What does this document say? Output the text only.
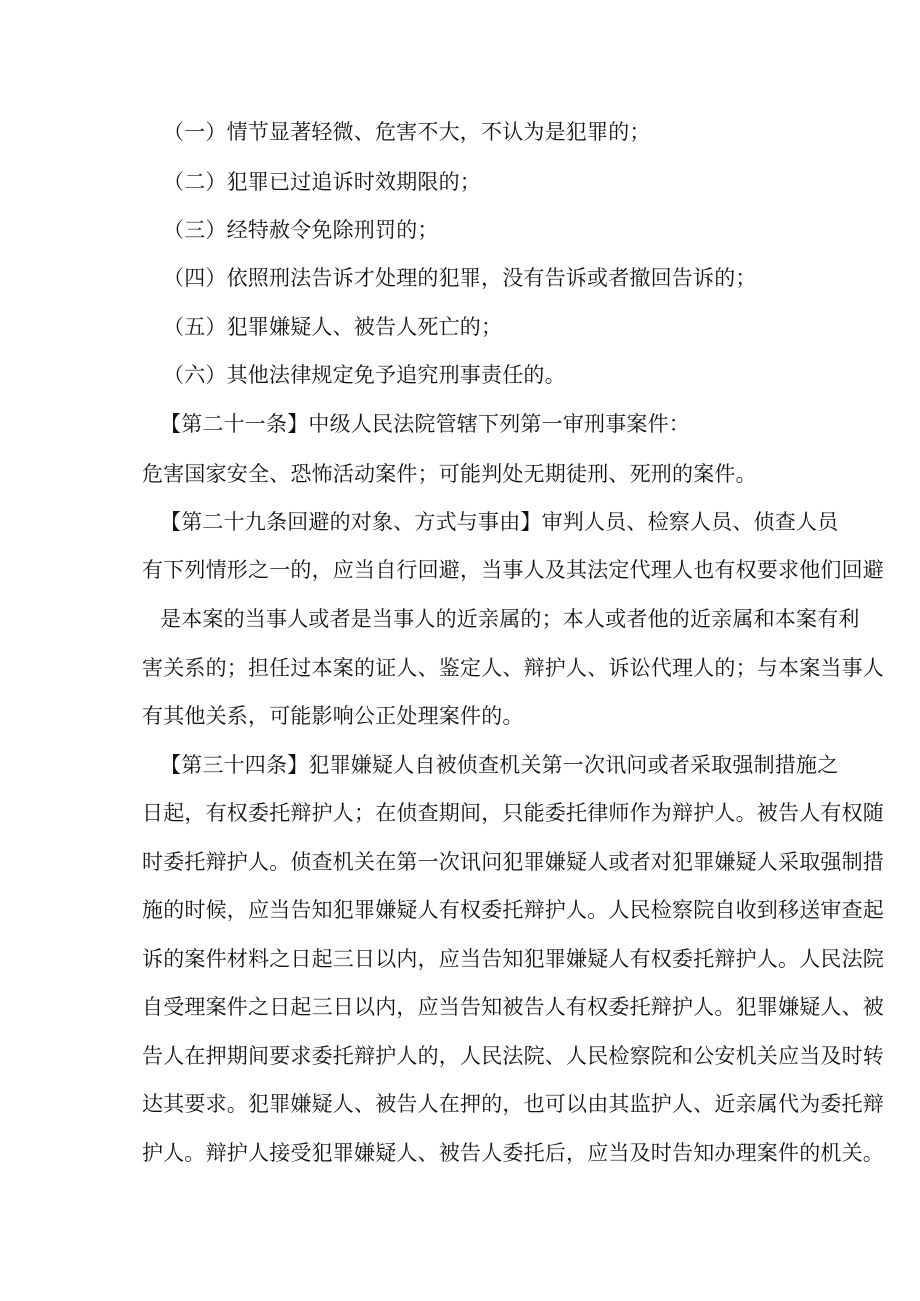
（一）情节显著轻微、危害不大，不认为是犯罪的；
（二）犯罪已过追诉时效期限的；
（三）经特赦令免除刑罚的；
（四）依照刑法告诉才处理的犯罪，没有告诉或者撤回告诉的；
（五）犯罪嫌疑人、被告人死亡的；
（六）其他法律规定免予追究刑事责任的。
【第二十一条】中级人民法院管辖下列第一审刑事案件：
危害国家安全、恐怖活动案件；可能判处无期徒刑、死刑的案件。
【第二十九条回避的对象、方式与事由】审判人员、检察人员、侦查人员
有下列情形之一的，应当自行回避，当事人及其法定代理人也有权要求他们回避
是本案的当事人或者是当事人的近亲属的；本人或者他的近亲属和本案有利
害关系的；担任过本案的证人、鉴定人、辩护人、诉讼代理人的；与本案当事人
有其他关系，可能影响公正处理案件的。
【第三十四条】犯罪嫌疑人自被侦查机关第一次讯问或者采取强制措施之
日起，有权委托辩护人；在侦查期间，只能委托律师作为辩护人。被告人有权随
时委托辩护人。侦查机关在第一次讯问犯罪嫌疑人或者对犯罪嫌疑人采取强制措
施的时候，应当告知犯罪嫌疑人有权委托辩护人。人民检察院自收到移送审查起
诉的案件材料之日起三日以内，应当告知犯罪嫌疑人有权委托辩护人。人民法院
自受理案件之日起三日以内，应当告知被告人有权委托辩护人。犯罪嫌疑人、被
告人在押期间要求委托辩护人的，人民法院、人民检察院和公安机关应当及时转
达其要求。犯罪嫌疑人、被告人在押的，也可以由其监护人、近亲属代为委托辩
护人。辩护人接受犯罪嫌疑人、被告人委托后，应当及时告知办理案件的机关。
